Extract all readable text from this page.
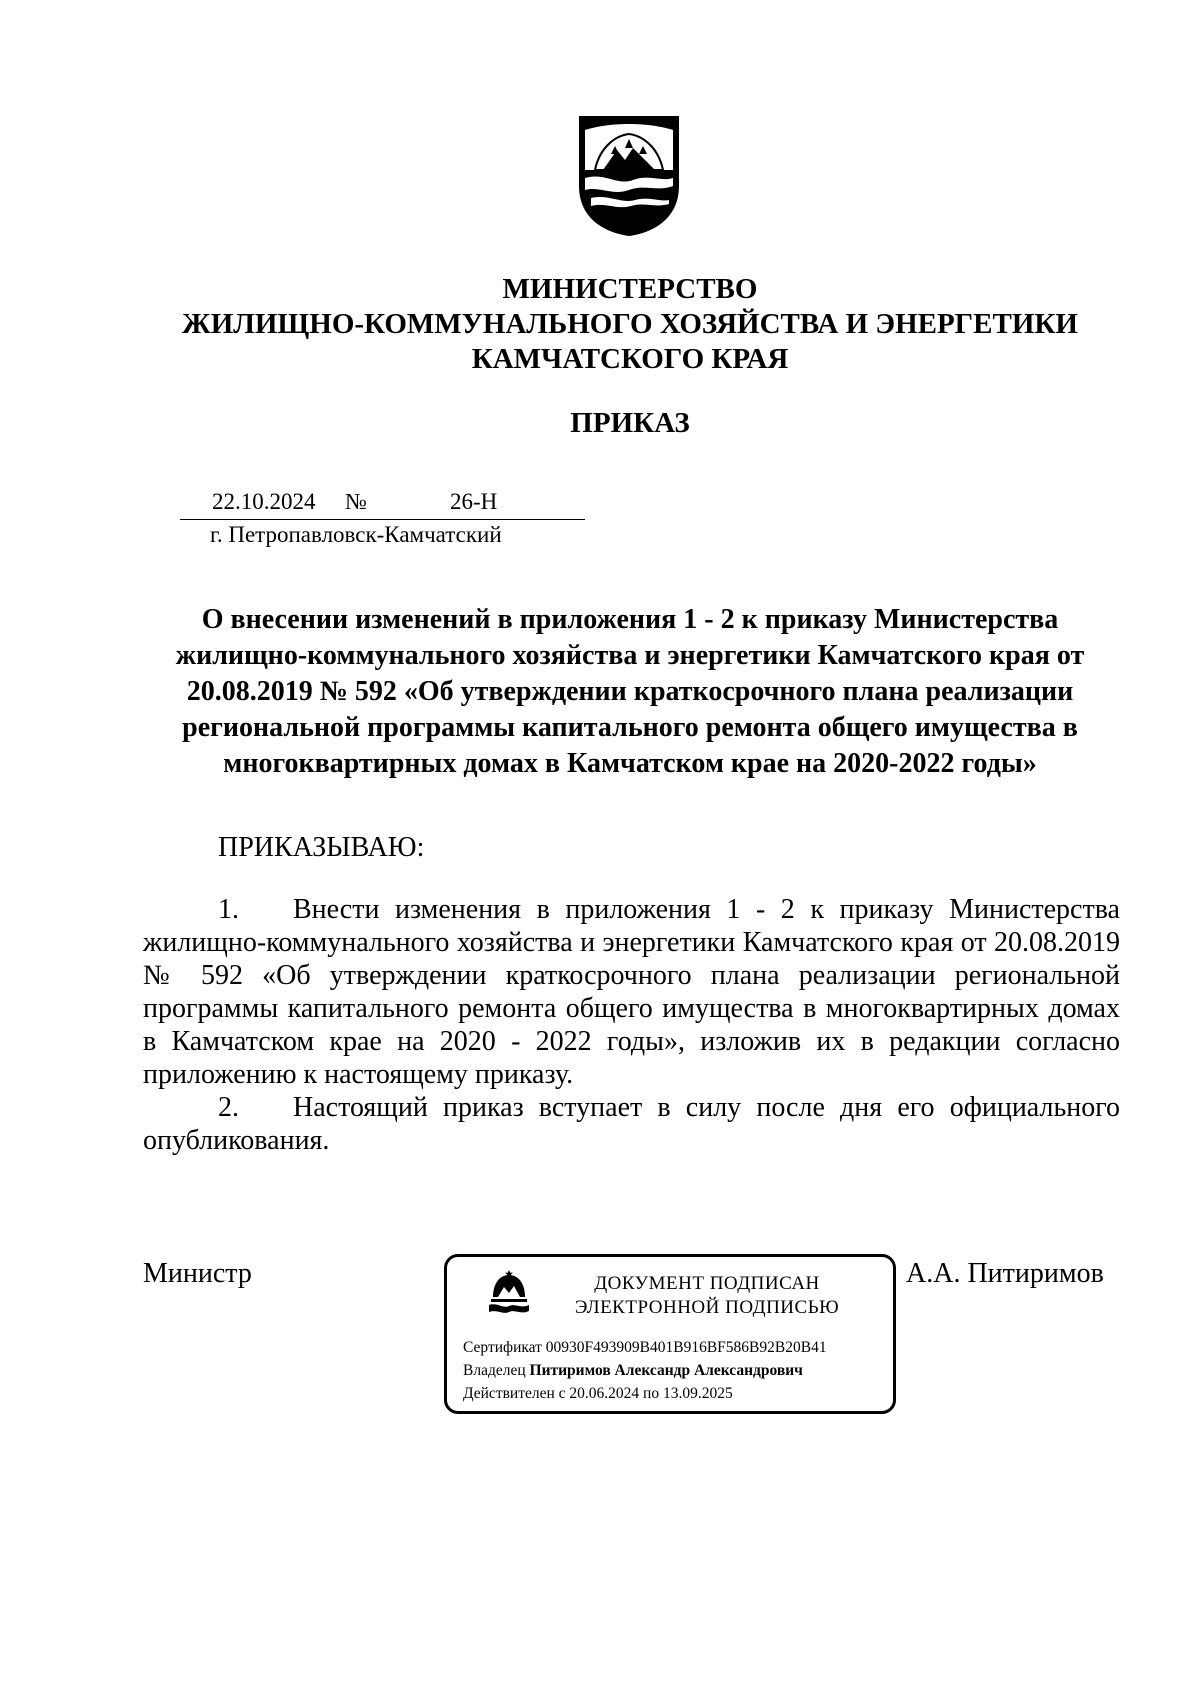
МИНИСТЕРСТВО
ЖИЛИЩНО-КОММУНАЛЬНОГО ХОЗЯЙСТВА И ЭНЕРГЕТИКИ
КАМЧАТСКОГО КРАЯ
ПРИКАЗ
22.10.2024 №	26-Н
г. Петропавловск-Камчатский
О внесении изменений в приложения 1 - 2 к приказу Министерства жилищно-коммунального хозяйства и энергетики Камчатского края от 20.08.2019 № 592 «Об утверждении краткосрочного плана реализации региональной программы капитального ремонта общего имущества в многоквартирных домах в Камчатском крае на 2020-2022 годы»
ПРИКАЗЫВАЮ:

1. Внести изменения в приложения 1 - 2 к приказу Министерства жилищно-коммунального хозяйства и энергетики Камчатского края от 20.08.2019 № 592 «Об утверждении краткосрочного плана реализации региональной программы капитального ремонта общего имущества в многоквартирных домах в Камчатском крае на 2020 - 2022 годы», изложив их в редакции согласно приложению к настоящему приказу.

2. Настоящий приказ вступает в силу после дня его официального опубликования.

Министр	А.А. Питиримов
ДОКУМЕНТ ПОДПИСАН
ЭЛЕКТРОННОЙ ПОДПИСЬЮ
Сертификат 00930F493909B401B916BF586B92B20B41
Владелец Питиримов Александр Александрович
Действителен с 20.06.2024 по 13.09.2025
